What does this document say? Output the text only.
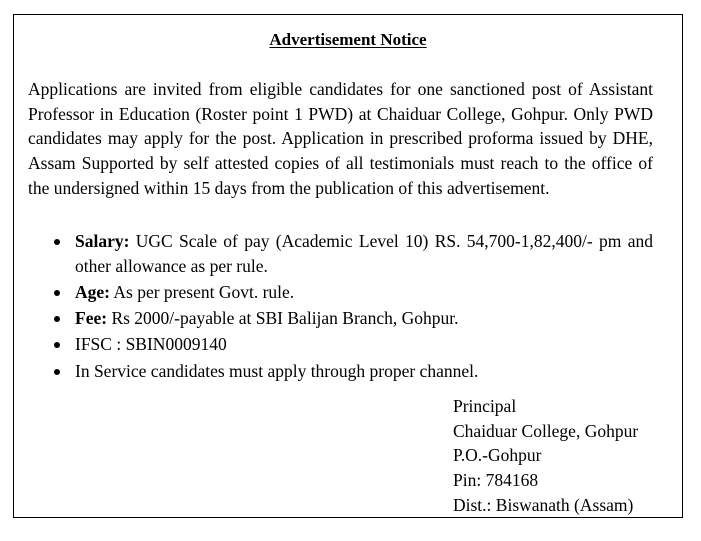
Advertisement Notice

Applications are invited from eligible candidates for one sanctioned post of Assistant Professor in Education (Roster point 1 PWD) at Chaiduar College, Gohpur. Only PWD candidates may apply for the post. Application in prescribed proforma issued by DHE, Assam Supported by self attested copies of all testimonials must reach to the office of the undersigned within 15 days from the publication of this advertisement.

Salary: UGC Scale of pay (Academic Level 10) RS. 54,700-1,82,400/- pm and other allowance as per rule.
Age: As per present Govt. rule.
Fee: Rs 2000/-payable at SBI Balijan Branch, Gohpur.
IFSC : SBIN0009140
In Service candidates must apply through proper channel.
Principal
Chaiduar College, Gohpur
P.O.-Gohpur
Pin: 784168
Dist.: Biswanath (Assam)
